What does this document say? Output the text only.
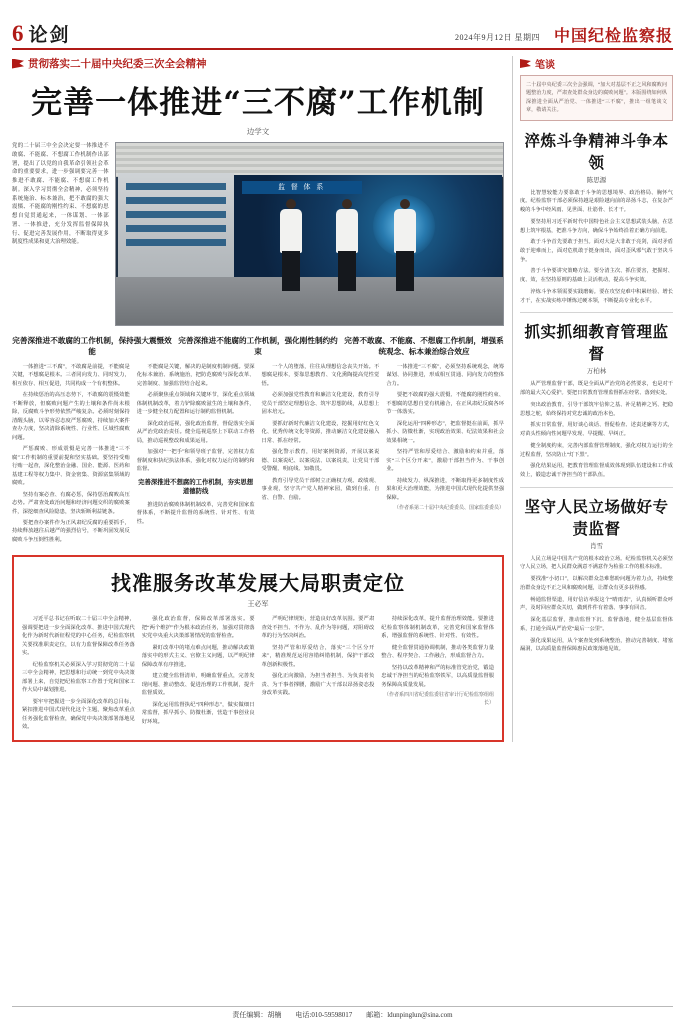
6 论剑	2024年9月12日 星期四 中国纪检监察报
贯彻落实二十届中央纪委三次全会精神
完善一体推进“三不腐”工作机制
边学文
党的二十届三中全会决定要一体推进不敢腐、不能腐、不想腐工作机制作出部署，提出了以党的自我革命引领社会革命的重要要求，进一步强调要完善一体推进不敢腐、不能腐、不想腐工作机制。深入学习贯彻全会精神，必须坚持系统施治、标本兼治，把不敢腐的强大震慑、不能腐的刚性约束、不想腐的思想自觉贯通起来，一体谋划、一体部署、一体推进，充分发挥监督保障执行、促进完善发展作用，不断取得更多制度性成果和更大治理效能。
监 督 体 系
完善深推进不敢腐的工作机制，保持强大震慑效能
完善深推进不能腐的工作机制，强化刚性制约约束
完善不敢腐、不能腐、不想腐工作机制，增强系统观念、标本兼治综合效应

一体推进“三不腐”，不敢腐是前提，不能腐是关键，不想腐是根本。三者同向发力、同时发力，相互依存、相互促进，共同构成一个有机整体。

在持续惩治的高压态势下，不敢腐的震慑效能不断释放，但腐败问题产生的土壤和条件尚未根除，反腐败斗争形势依然严峻复杂。必须时刻保持清醒头脑，以零容忍态度严惩腐败，持续加大案件查办力度，坚决清除系统性、行业性、区域性腐败问题。

严惩腐败、形成震慑是完善一体推进“三不腐”工作机制的重要前提和坚实基础。要坚持受贿行贿一起查，深化整治金融、国企、能源、医药和基建工程等权力集中、资金密集、资源富集领域的腐败。

坚持有案必查、有腐必惩，保持惩治腐败高压态势。严肃查处政治问题和经济问题交织的腐败案件，深挖细查风险隐患，坚决斩断利益链条。

要把查办案件作为正风肃纪反腐的重要抓手，持续释放越往后越严的强烈信号，不断巩固发展反腐败斗争压倒性胜利。

不能腐是关键，解决的是制度机制问题。要深化标本兼治、系统施治，把防范腐败与深化改革、完善制度、加强监管结合起来。

必须聚焦重点领域和关键环节，深化重点领域体制机制改革，着力铲除腐败滋生的土壤和条件，进一步健全权力配置和运行制约监督机制。

深化政治巡视，强化政治监督，督促落实全面从严治党政治责任。健全巡视巡察上下联动工作格局，推动巡视整改和成果运用。

加强对“一把手”和领导班子监督，完善权力监督制度和执纪执法体系，强化对权力运行的制约和监督。

完善深推进不想腐的工作机制，夯实思想道德防线

推进防治腐败体制机制改革，完善党和国家监督体系，不断提升监督的系统性、针对性、有效性。

一个人的堕落，往往从理想信念丧失开始。不想腐是根本，要靠思想教育、文化熏陶提高党性觉悟。

必须加强党性教育和廉洁文化建设，教育引导党员干部坚定理想信念、筑牢思想防线，从思想上固本培元。

要抓好新时代廉洁文化建设，挖掘用好红色文化、优秀传统文化等资源，推动廉洁文化建设融入日常、抓在经常。

强化警示教育，用好案例资源，开展以案说德、以案说纪、以案说法、以案说责，让党员干部受警醒、明底线、知敬畏。

教育引导党员干部树立正确权力观、政绩观、事业观，坚守共产党人精神家园，做到自重、自省、自警、自励。

一体推进“三不腐”，必须坚持系统观念，统筹谋划、协同推进，形成相互贯通、同向发力的整体合力。

要把不敢腐的强大震慑、不能腐的刚性约束、不想腐的思想自觉有机融合，在正风肃纪反腐各环节一体落实。

深化运用“四种形态”，把监督挺在前面，抓早抓小、防微杜渐，实现政治效果、纪法效果和社会效果相统一。

坚持严管和厚爱结合、激励和约束并重，落实“三个区分开来”，激励干部担当作为、干事创业。

持续发力、纵深推进，不断取得更多制度性成果和更大治理效能，为推进中国式现代化提供坚强保障。

（作者系第二十届中央纪委委员、国家监委委员）

找准服务改革发展大局职责定位
王必军

习近平总书记在听取二十届三中全会精神，强调要把进一步全面深化改革、推进中国式现代化作为新时代新征程党的中心任务，纪检监察机关要找准职责定位，以有力监督保障改革任务落实。

纪检监察机关必须深入学习贯彻党的二十届三中全会精神，把思想和行动统一到党中央决策部署上来，自觉把纪检监察工作置于党和国家工作大局中谋划推进。

要牢牢把握进一步全面深化改革的总目标，紧扣推进中国式现代化这个主题，聚焦改革重点任务强化监督检查，确保党中央决策部署落地见效。

强化政治监督，保障改革部署落实。要把“两个维护”作为根本政治任务，加强对贯彻落实党中央重大决策部署情况的监督检查。

紧盯改革中的堵点难点问题，推动解决政策落实中的形式主义、官僚主义问题，以严明纪律保障改革有序推进。

建立健全监督清单，明确监督重点，完善发现问题、推动整改、促进治理的工作机制，提升监督质效。

深化运用监督执纪“四种形态”，做实做细日常监督，抓早抓小、防微杜渐，营造干事创业良好环境。

严明纪律规矩，营造良好改革氛围。要严肃查处不担当、不作为、乱作为等问题，对阻碍改革的行为坚决纠治。

坚持严管和厚爱结合，落实“三个区分开来”，精准规范运用容错纠错机制，保护干部改革创新积极性。

强化正向激励，为担当者担当、为负责者负责、为干事者撑腰，激励广大干部以昂扬姿态投身改革实践。

持续深化改革，提升监督治理效能。要推进纪检监察体制机制改革，完善党和国家监督体系，增强监督的系统性、针对性、有效性。

健全监督贯通协调机制，推动各类监督力量整合、程序契合、工作融合，形成监督合力。

坚持以改革精神和严的标准管党治党，锻造忠诚干净担当的纪检监察铁军，以高质量监督服务保障高质量发展。

（作者系四川省纪委监委驻省审计厅纪检监察组组长）

笔谈
二十届中央纪委三次全会强调，“加大对基层不正之风和腐败问题整治力度，严肃查处群众身边的腐败问题”。本版围绕如何纵深推进全面从严治党、一体推进“三不腐”，推出一组笔谈文章，敬请关注。
淬炼斗争精神斗争本领
陈思源

比智慧较能力要靠敢于斗争的思想境界、政治格局、胸怀气度。纪检监察干部必须保持越是艰险越向前的昂扬斗志，在复杂严峻的斗争中经风雨、见世面、壮筋骨、长才干。

要坚持用习近平新时代中国特色社会主义思想武装头脑，在思想上筑牢根基，把准斗争方向，确保斗争始终沿着正确方向前进。

敢于斗争首先要敢于担当。面对大是大非敢于亮剑，面对矛盾敢于迎难而上，面对危机敢于挺身而出，面对歪风邪气敢于坚决斗争。

善于斗争要讲究策略方法。要分清主次、抓住要害，把握时、度、效，在坚持原则的基础上灵活机动，提高斗争实效。

淬炼斗争本领需要实践磨砺。要在攻坚克难中积累经验、增长才干，在实战实练中锤炼过硬本领，不断提高专业化水平。

抓实抓细教育管理监督
万柏林

从严管理监督干部，既是全面从严治党的必然要求，也是对干部的最大关心爱护。要把日常教育管理监督抓在经常、落到实处。

突出政治教育，引导干部筑牢信仰之基、补足精神之钙、把稳思想之舵，始终保持对党忠诚的政治本色。

抓实日常监督，用好谈心谈话、督促检查、述责述廉等方式，对苗头性倾向性问题早发现、早提醒、早纠正。

健全制度约束，完善内部监督管理制度，强化对权力运行的全过程监督，坚决防止“灯下黑”。

强化结果运用，把教育管理监督成效体现到队伍建设和工作成效上，锻造忠诚干净担当的干部队伍。

坚守人民立场做好专责监督
肖雪

人民立场是中国共产党的根本政治立场。纪检监察机关必须坚守人民立场，把人民群众满意不满意作为检验工作的根本标准。

要找准“小切口”，以解决群众急难愁盼问题为着力点，持续整治群众身边不正之风和腐败问题，让群众有更多获得感。

畅通监督渠道，用好信访举报这个“晴雨表”，认真倾听群众呼声，及时回应群众关切，做到件件有着落、事事有回音。

深化基层监督，推动监督下沉、监督落地，健全基层监督体系，打通全面从严治党“最后一公里”。

强化成果运用，从个案查处到系统整治，推动完善制度、堵塞漏洞，以高质量监督保障惠民政策落地见效。

责任编辑：胡楠 电话:010-59598017 邮箱：ldunpinglun@sina.com
